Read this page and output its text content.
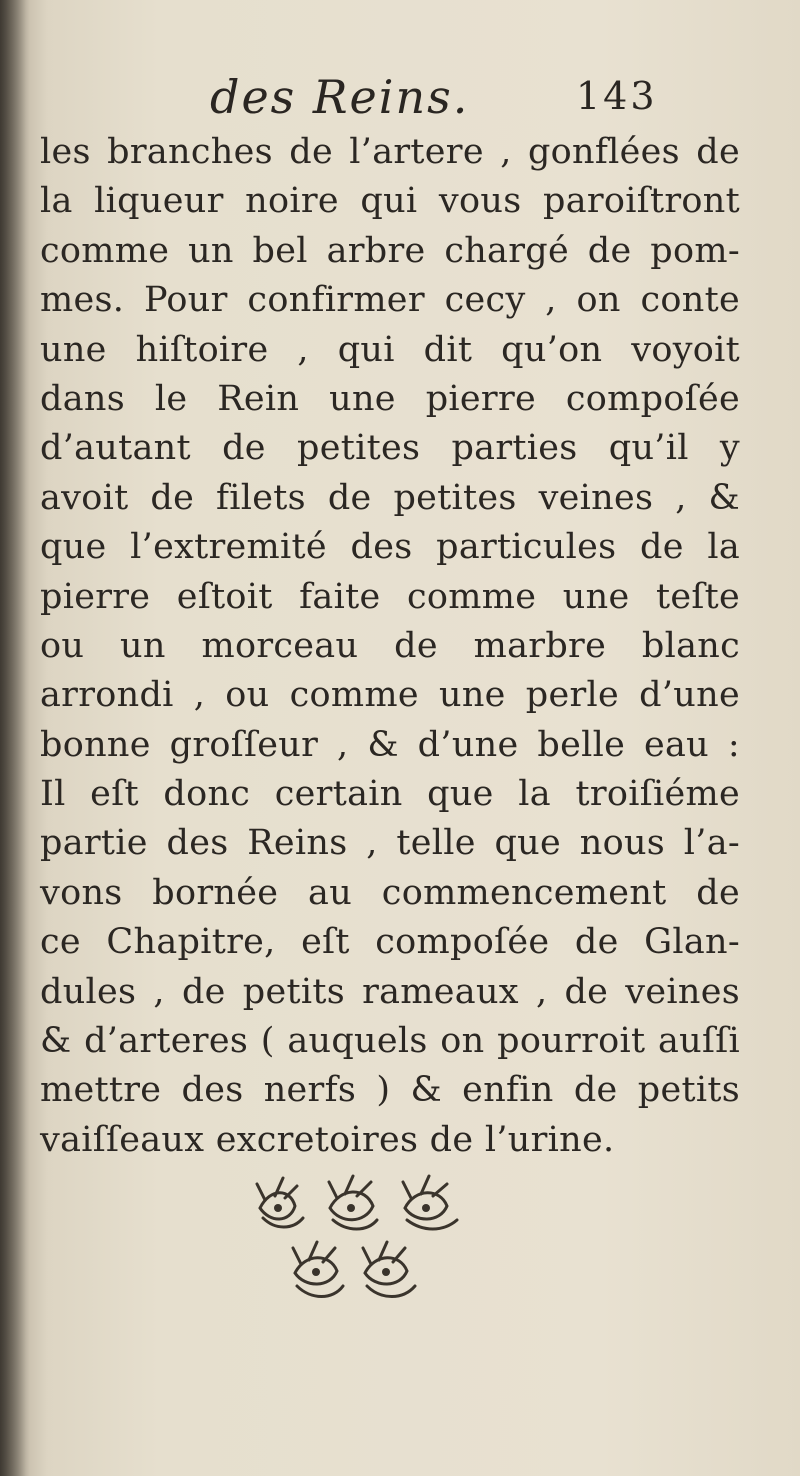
des Reins.	143
les branches de l’artere , gonflées de
la liqueur noire qui vous paroiſtront
comme un bel arbre chargé de pom-
mes. Pour confirmer cecy , on conte
une hiſtoire , qui dit qu’on voyoit
dans le Rein une pierre compoſée
d’autant de petites parties qu’il y
avoit de filets de petites veines , &
que l’extremité des particules de la
pierre eſtoit faite comme une teſte
ou un morceau de marbre blanc
arrondi , ou comme une perle d’une
bonne groſſeur , & d’une belle eau :
Il eſt donc certain que la troiſiéme
partie des Reins , telle que nous l’a-
vons bornée au commencement de
ce Chapitre, eſt compoſée de Glan-
dules , de petits rameaux , de veines
& d’arteres ( auquels on pourroit auſſi
mettre des nerfs ) & enfin de petits
vaiſſeaux excretoires de l’urine.
